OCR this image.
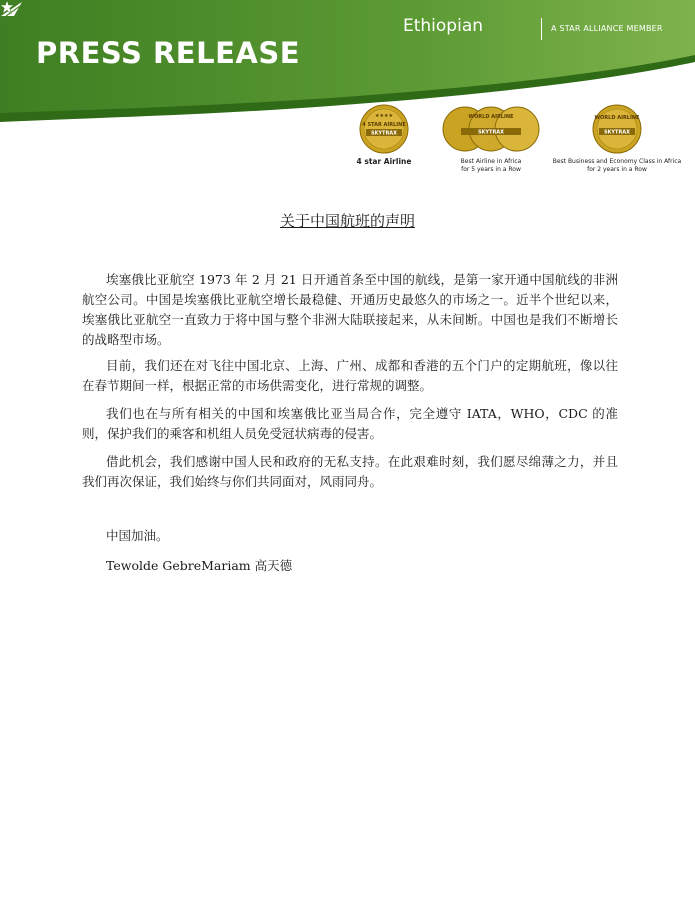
PRESS RELEASE
Ethiopian	A STAR ALLIANCE MEMBER
★★★★
4 STAR AIRLINE
SKYTRAX
4 star Airline
WORLD AIRLINE
SKYTRAX
Best Airline in Africa
for 5 years in a Row
WORLD AIRLINE
SKYTRAX
Best Business and Economy Class in Africa
for 2 years in a Row
关于中国航班的声明
埃塞俄比亚航空 1973 年 2 月 21 日开通首条至中国的航线，是第一家开通中国航线的非洲航空公司。中国是埃塞俄比亚航空增长最稳健、开通历史最悠久的市场之一。近半个世纪以来，埃塞俄比亚航空一直致力于将中国与整个非洲大陆联接起来，从未间断。中国也是我们不断增长的战略型市场。
目前，我们还在对飞往中国北京、上海、广州、成都和香港的五个门户的定期航班，像以往在春节期间一样，根据正常的市场供需变化，进行常规的调整。
我们也在与所有相关的中国和埃塞俄比亚当局合作，完全遵守 IATA，WHO，CDC 的准则，保护我们的乘客和机组人员免受冠状病毒的侵害。
借此机会，我们感谢中国人民和政府的无私支持。在此艰难时刻，我们愿尽绵薄之力，并且我们再次保证，我们始终与你们共同面对，风雨同舟。
中国加油。
Tewolde GebreMariam 高天德
